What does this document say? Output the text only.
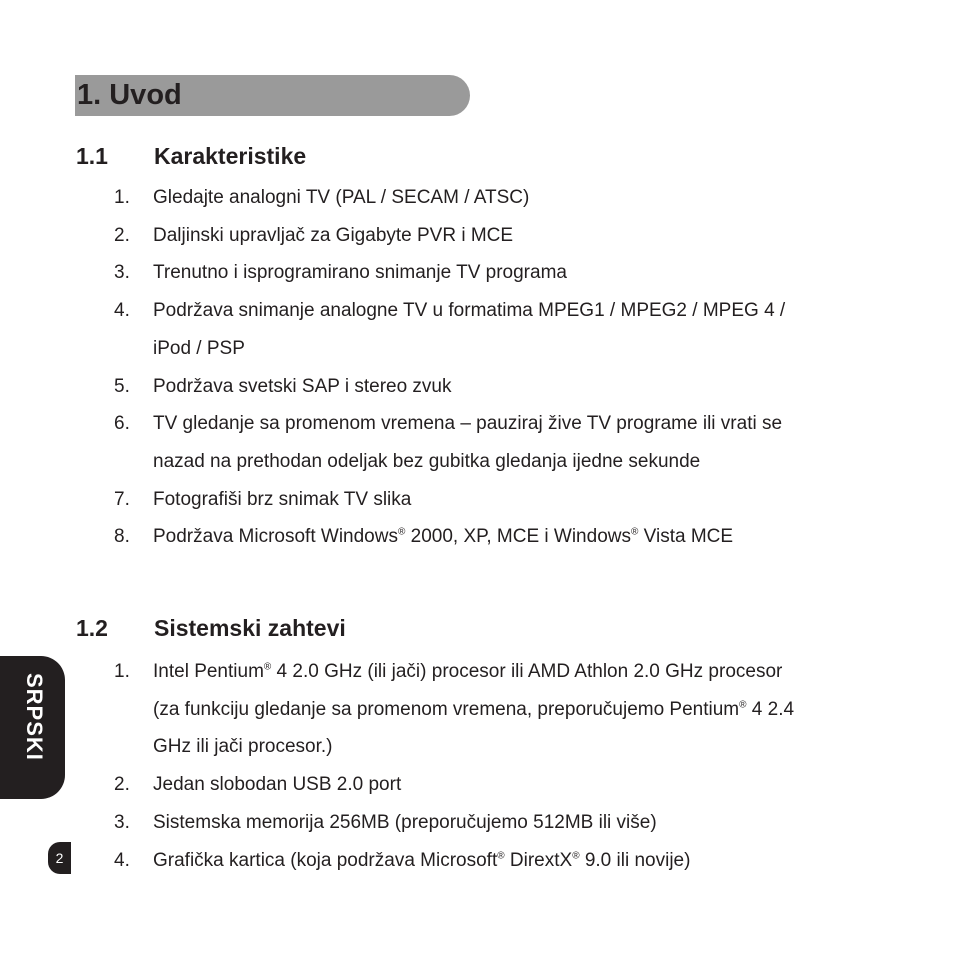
1. Uvod
1.1 Karakteristike
1. Gledajte analogni TV (PAL / SECAM / ATSC)
2. Daljinski upravljač za Gigabyte PVR i MCE
3. Trenutno i isprogramirano snimanje TV programa
4. Podržava snimanje analogne TV u formatima MPEG1 / MPEG2 / MPEG 4 /
iPod / PSP
5. Podržava svetski SAP i stereo zvuk
6. TV gledanje sa promenom vremena – pauziraj žive TV programe ili vrati se
nazad na prethodan odeljak bez gubitka gledanja ijedne sekunde
7. Fotografiši brz snimak TV slika
8. Podržava Microsoft Windows® 2000, XP, MCE i Windows® Vista MCE
1.2 Sistemski zahtevi
1. Intel Pentium® 4 2.0 GHz (ili jači) procesor ili AMD Athlon 2.0 GHz procesor
(za funkciju gledanje sa promenom vremena, preporučujemo Pentium® 4 2.4
GHz ili jači procesor.)
2. Jedan slobodan USB 2.0 port
3. Sistemska memorija 256MB (preporučujemo 512MB ili više)
4. Grafička kartica (koja podržava Microsoft® DirextX® 9.0 ili novije)
SRPSKI
2
